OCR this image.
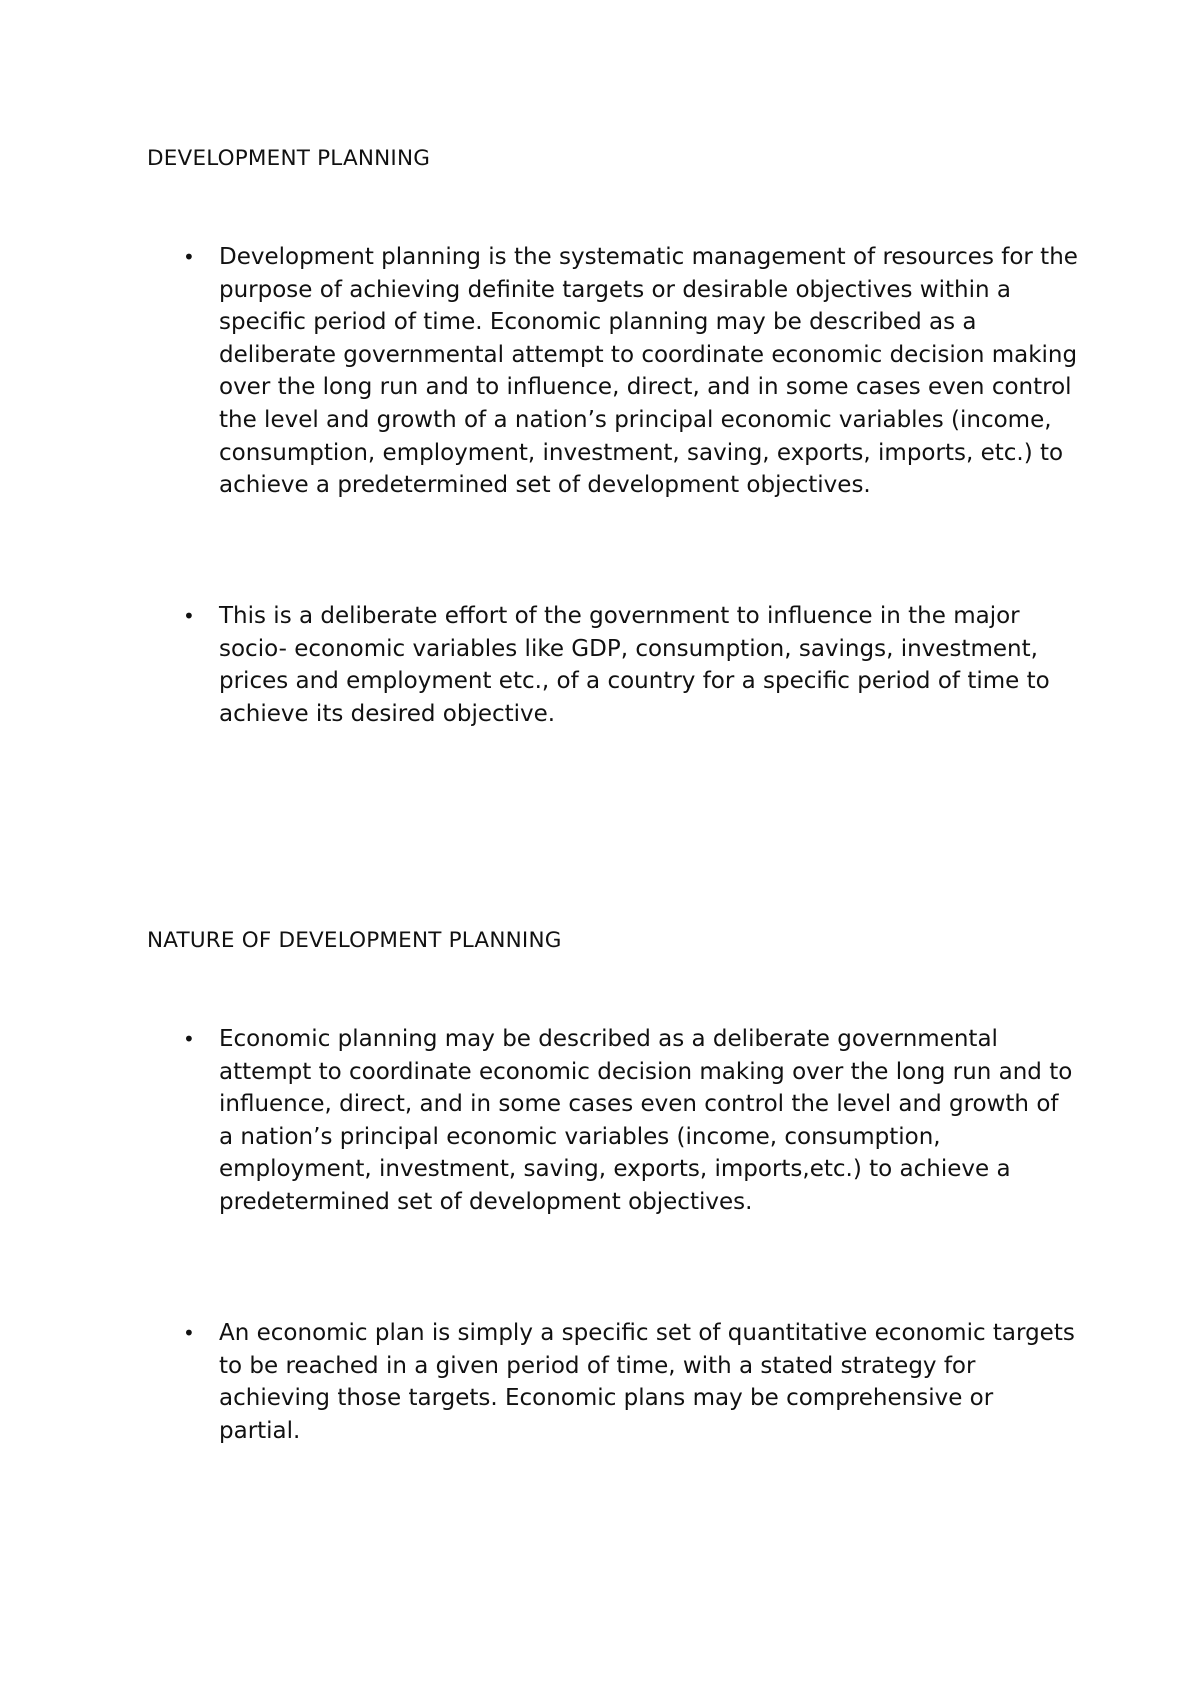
DEVELOPMENT PLANNING
•	Development planning is the systematic management of resources for the purpose of achieving definite targets or desirable objectives within a specific period of time. Economic planning may be described as a deliberate governmental attempt to coordinate economic decision making over the long run and to influence, direct, and in some cases even control the level and growth of a nation’s principal economic variables (income, consumption, employment, investment, saving, exports, imports, etc.) to achieve a predetermined set of development objectives.

•	This is a deliberate effort of the government to influence in the major socio- economic variables like GDP, consumption, savings, investment, prices and employment etc., of a country for a specific period of time to achieve its desired objective.

NATURE OF DEVELOPMENT PLANNING
•	Economic planning may be described as a deliberate governmental attempt to coordinate economic decision making over the long run and to influence, direct, and in some cases even control the level and growth of a nation’s principal economic variables (income, consumption, employment, investment, saving, exports, imports,etc.) to achieve a predetermined set of development objectives.

•	An economic plan is simply a specific set of quantitative economic targets to be reached in a given period of time, with a stated strategy for achieving those targets. Economic plans may be comprehensive or partial.
